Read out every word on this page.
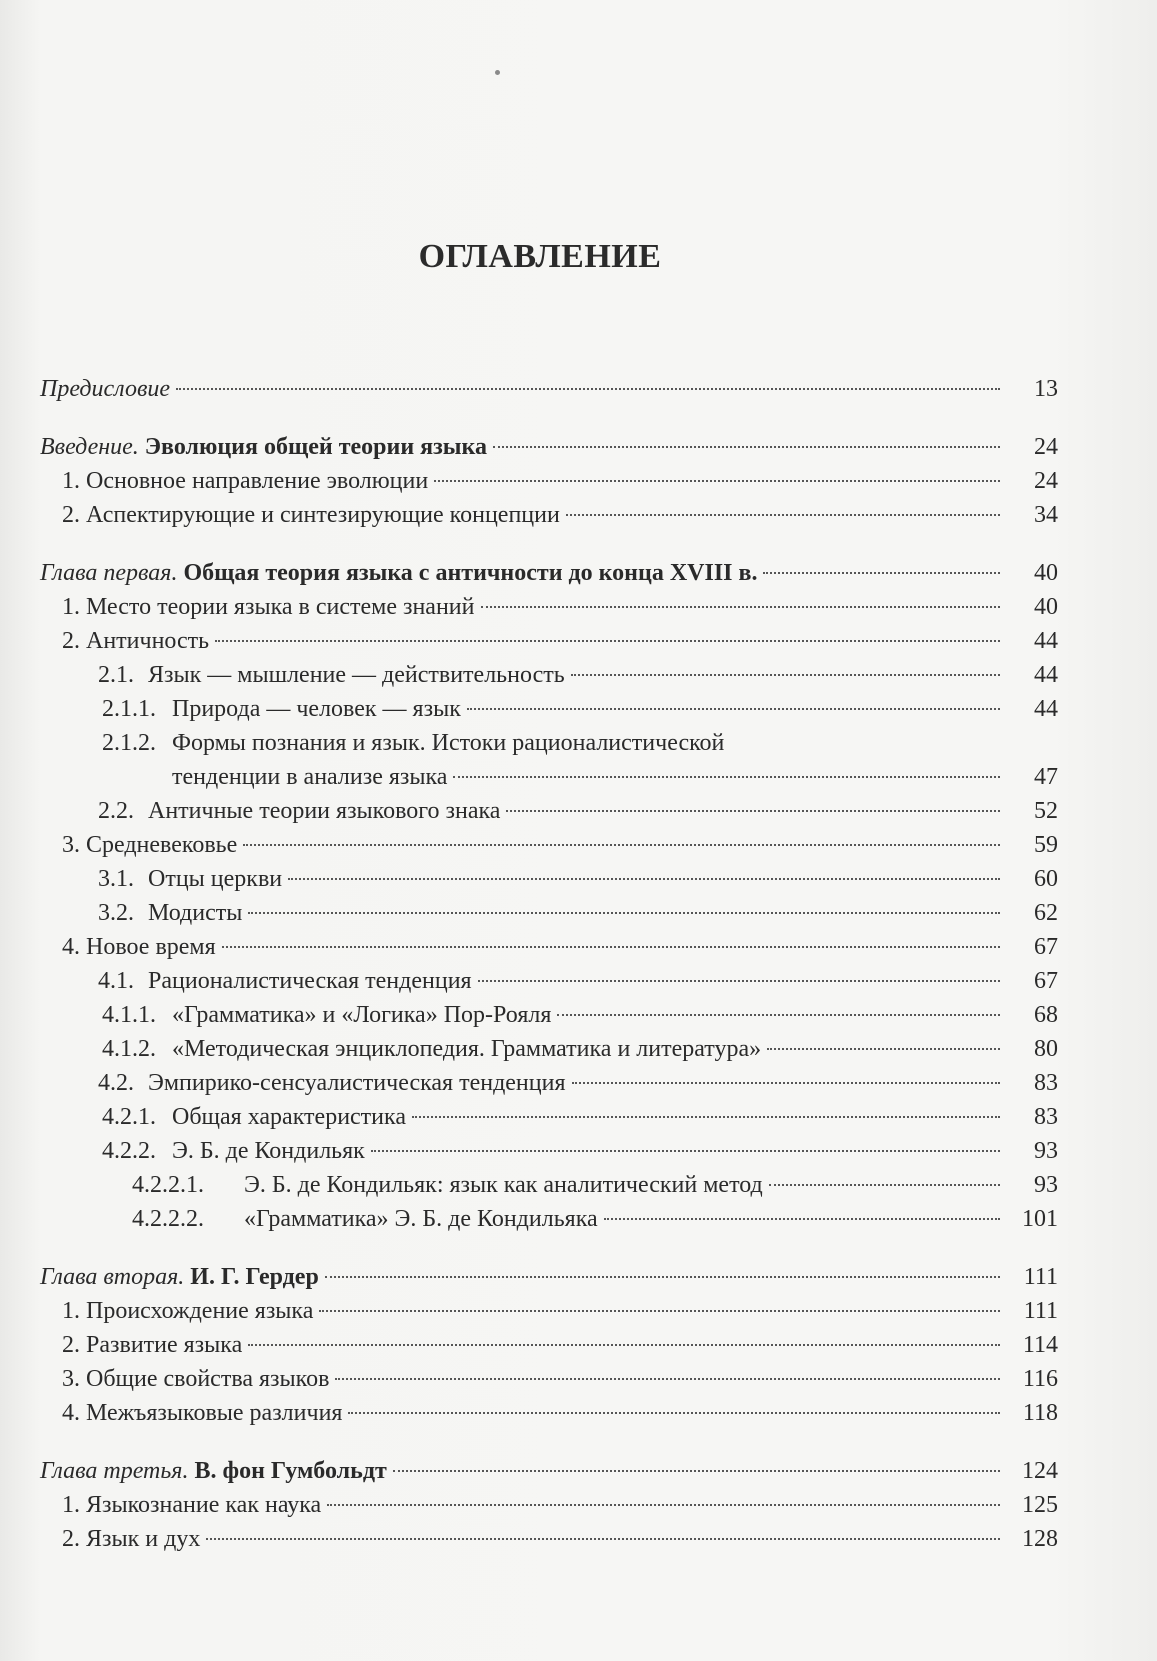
ОГЛАВЛЕНИЕ
Предисловие	13
Введение. Эволюция общей теории языка	24
1. Основное направление эволюции	24
2. Аспектирующие и синтезирующие концепции	34
Глава первая. Общая теория языка с античности до конца XVIII в.	40
1. Место теории языка в системе знаний	40
2. Античность	44
2.1. Язык — мышление — действительность	44
2.1.1. Природа — человек — язык	44
2.1.2. Формы познания и язык. Истоки рационалистической
тенденции в анализе языка	47
2.2. Античные теории языкового знака	52
3. Средневековье	59
3.1. Отцы церкви	60
3.2. Модисты	62
4. Новое время	67
4.1. Рационалистическая тенденция	67
4.1.1. «Грамматика» и «Логика» Пор-Рояля	68
4.1.2. «Методическая энциклопедия. Грамматика и литература»	80
4.2. Эмпирико-сенсуалистическая тенденция	83
4.2.1. Общая характеристика	83
4.2.2. Э. Б. де Кондильяк	93
4.2.2.1. Э. Б. де Кондильяк: язык как аналитический метод	93
4.2.2.2. «Грамматика» Э. Б. де Кондильяка	101
Глава вторая. И. Г. Гердер	111
1. Происхождение языка	111
2. Развитие языка	114
3. Общие свойства языков	116
4. Межъязыковые различия	118
Глава третья. В. фон Гумбольдт	124
1. Языкознание как наука	125
2. Язык и дух	128
